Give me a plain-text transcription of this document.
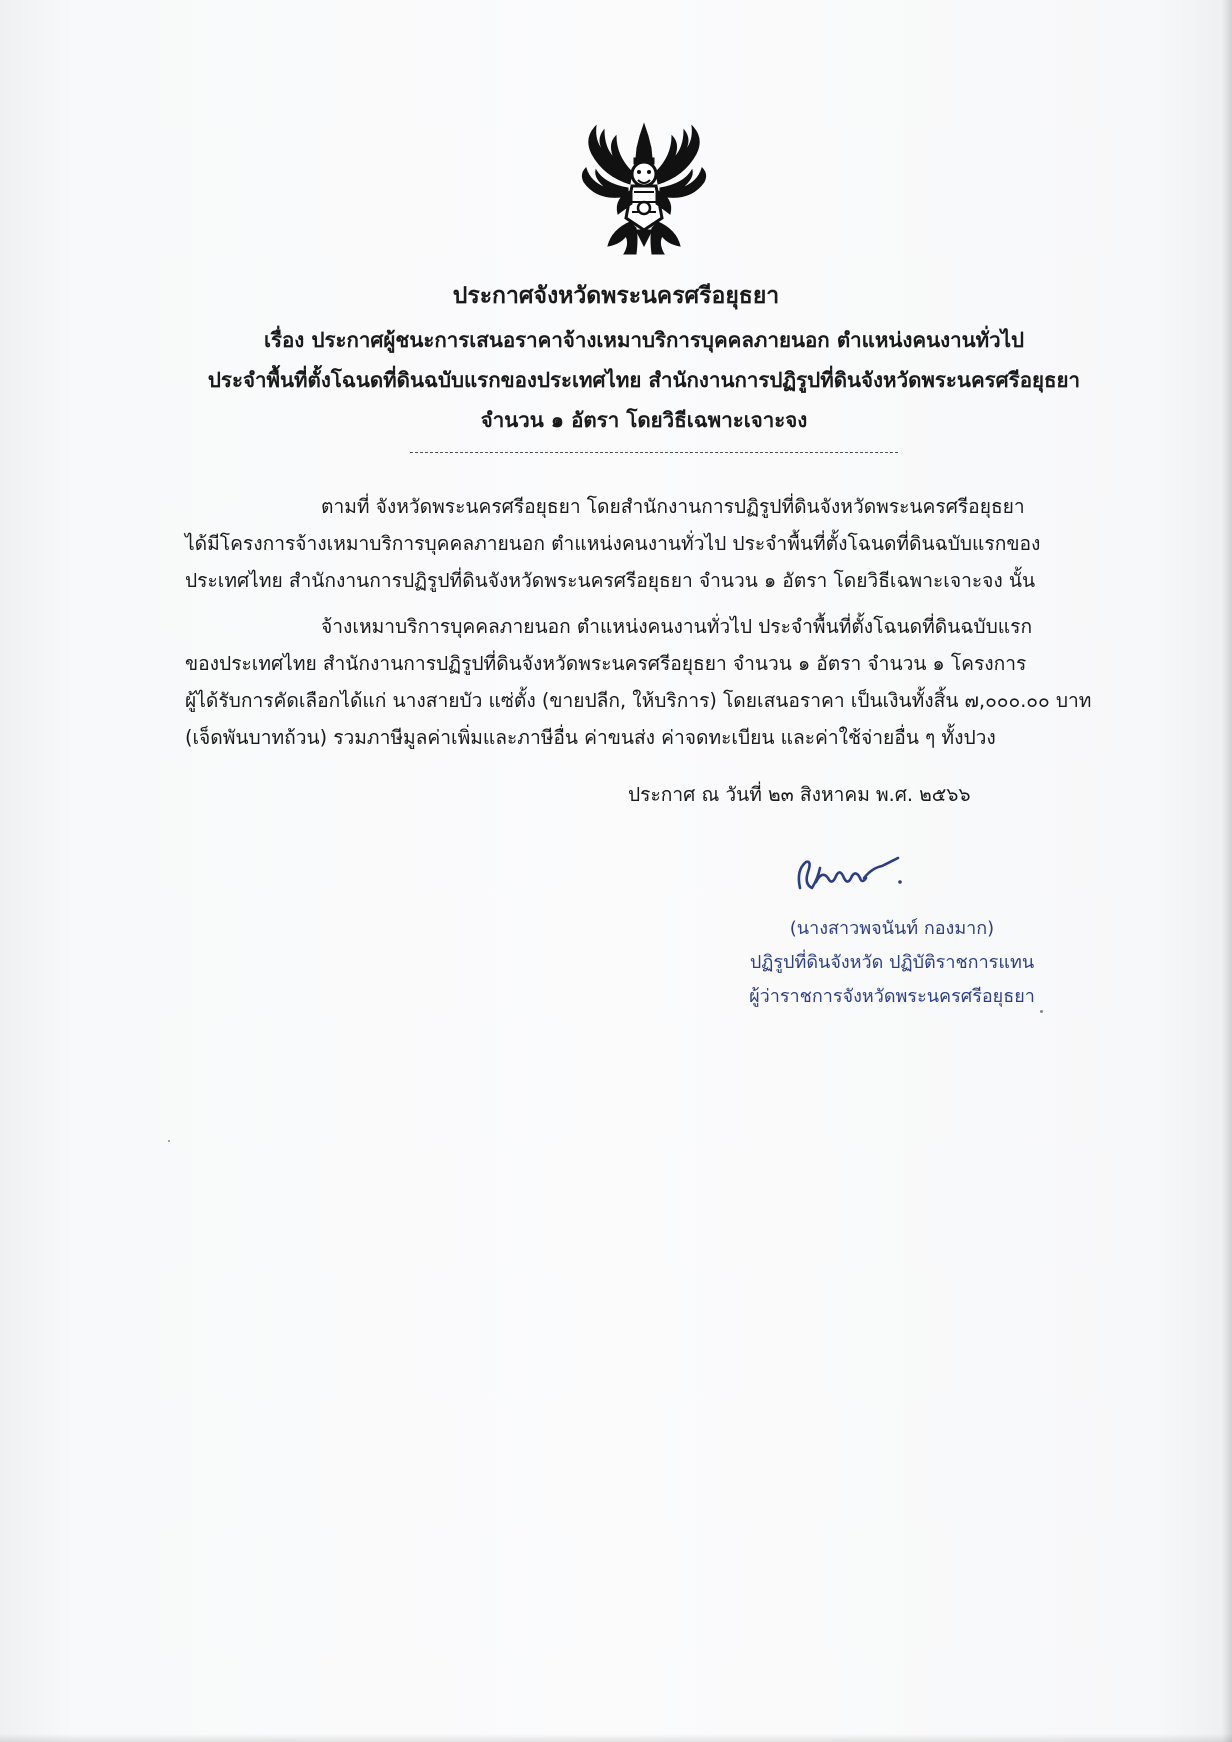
ประกาศจังหวัดพระนครศรีอยุธยา
เรื่อง ประกาศผู้ชนะการเสนอราคาจ้างเหมาบริการบุคคลภายนอก ตำแหน่งคนงานทั่วไป
ประจำพื้นที่ตั้งโฉนดที่ดินฉบับแรกของประเทศไทย สำนักงานการปฏิรูปที่ดินจังหวัดพระนครศรีอยุธยา
จำนวน ๑ อัตรา โดยวิธีเฉพาะเจาะจง
ตามที่ จังหวัดพระนครศรีอยุธยา โดยสำนักงานการปฏิรูปที่ดินจังหวัดพระนครศรีอยุธยา
ได้มีโครงการจ้างเหมาบริการบุคคลภายนอก ตำแหน่งคนงานทั่วไป ประจำพื้นที่ตั้งโฉนดที่ดินฉบับแรกของ
ประเทศไทย สำนักงานการปฏิรูปที่ดินจังหวัดพระนครศรีอยุธยา จำนวน ๑ อัตรา โดยวิธีเฉพาะเจาะจง นั้น
จ้างเหมาบริการบุคคลภายนอก ตำแหน่งคนงานทั่วไป ประจำพื้นที่ตั้งโฉนดที่ดินฉบับแรก
ของประเทศไทย สำนักงานการปฏิรูปที่ดินจังหวัดพระนครศรีอยุธยา จำนวน ๑ อัตรา จำนวน ๑ โครงการ
ผู้ได้รับการคัดเลือกได้แก่ นางสายบัว แซ่ตั้ง (ขายปลีก, ให้บริการ) โดยเสนอราคา เป็นเงินทั้งสิ้น ๗,๐๐๐.๐๐ บาท
(เจ็ดพันบาทถ้วน) รวมภาษีมูลค่าเพิ่มและภาษีอื่น ค่าขนส่ง ค่าจดทะเบียน และค่าใช้จ่ายอื่น ๆ ทั้งปวง
ประกาศ ณ วันที่ ๒๓ สิงหาคม พ.ศ. ๒๕๖๖
(นางสาวพจนันท์ กองมาก)
ปฏิรูปที่ดินจังหวัด ปฏิบัติราชการแทน
ผู้ว่าราชการจังหวัดพระนครศรีอยุธยา
